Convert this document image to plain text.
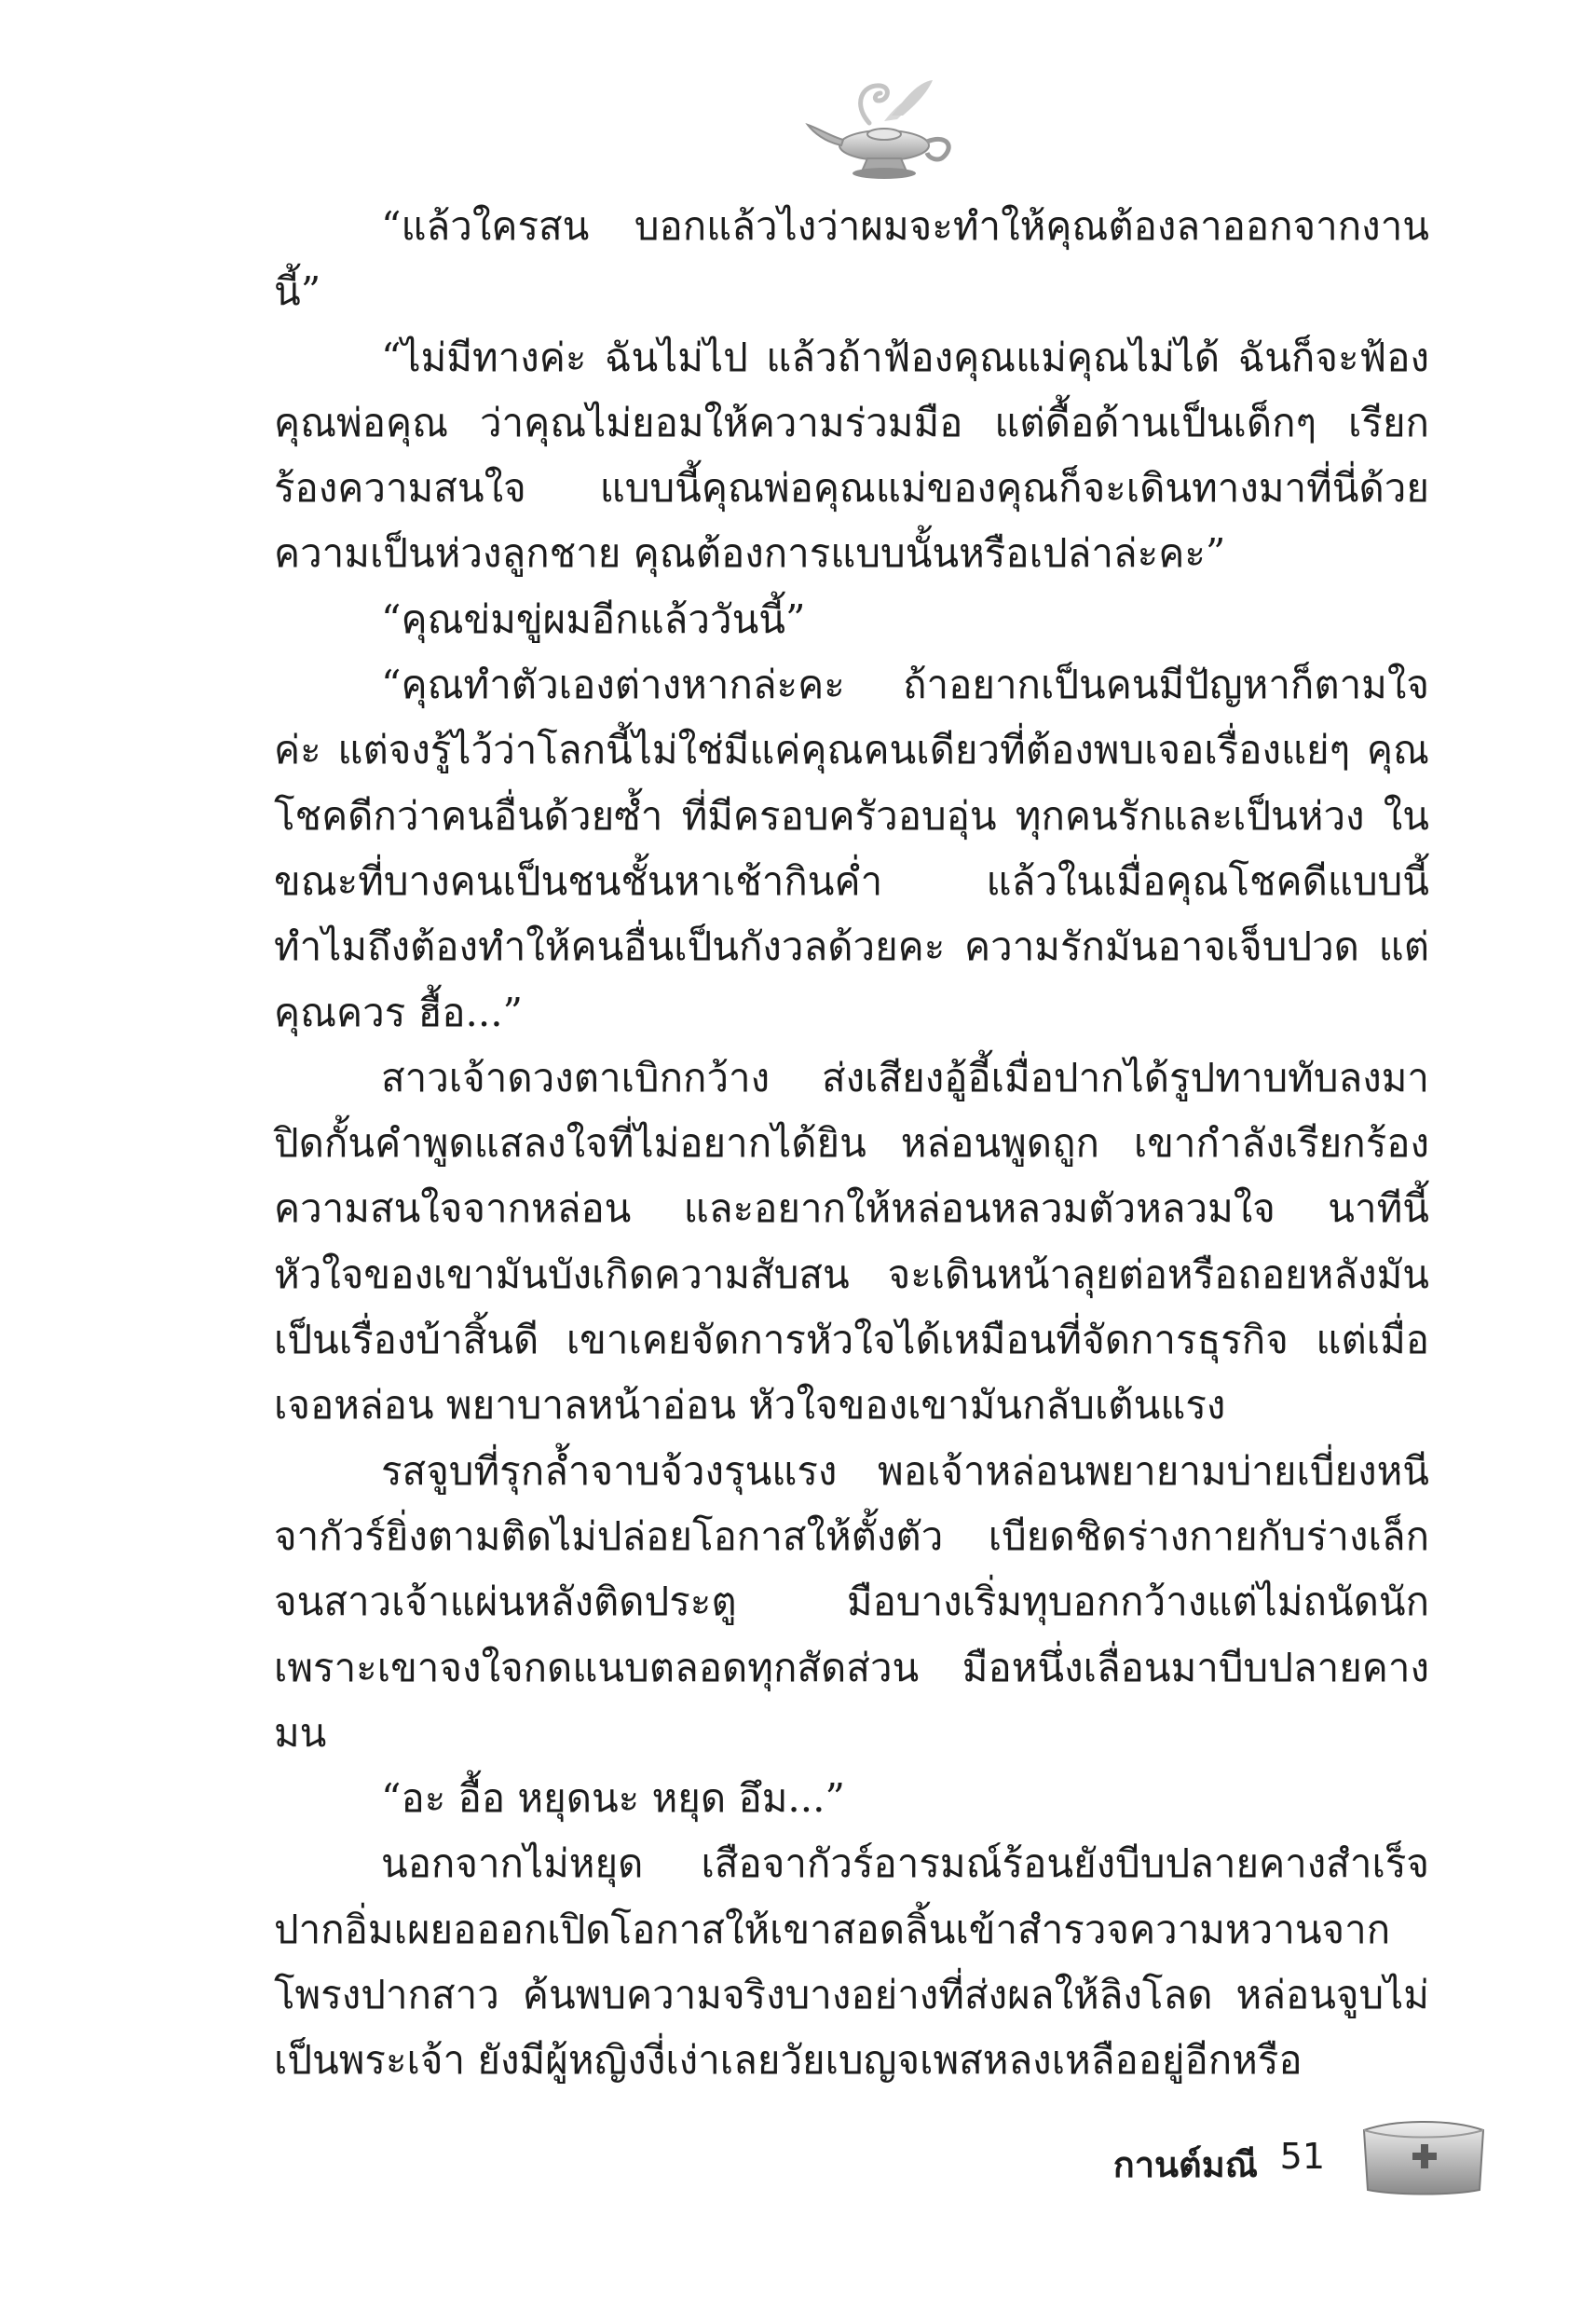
“แล้วใครสน บอกแล้วไงว่าผมจะทำให้คุณต้องลาออกจากงานนี้”

“ไม่มีทางค่ะ ฉันไม่ไป แล้วถ้าฟ้องคุณแม่คุณไม่ได้ ฉันก็จะฟ้องคุณพ่อคุณ ว่าคุณไม่ยอมให้ความร่วมมือ แต่ดื้อด้านเป็นเด็กๆ เรียกร้องความสนใจ แบบนี้คุณพ่อคุณแม่ของคุณก็จะเดินทางมาที่นี่ด้วยความเป็นห่วงลูกชาย คุณต้องการแบบนั้นหรือเปล่าล่ะคะ”

“คุณข่มขู่ผมอีกแล้ววันนี้”

“คุณทำตัวเองต่างหากล่ะคะ ถ้าอยากเป็นคนมีปัญหาก็ตามใจค่ะ แต่จงรู้ไว้ว่าโลกนี้ไม่ใช่มีแค่คุณคนเดียวที่ต้องพบเจอเรื่องแย่ๆ คุณโชคดีกว่าคนอื่นด้วยซ้ำ ที่มีครอบครัวอบอุ่น ทุกคนรักและเป็นห่วง ในขณะที่บางคนเป็นชนชั้นหาเช้ากินค่ำ แล้วในเมื่อคุณโชคดีแบบนี้ ทำไมถึงต้องทำให้คนอื่นเป็นกังวลด้วยคะ ความรักมันอาจเจ็บปวด แต่คุณควร ฮื้อ...”

สาวเจ้าดวงตาเบิกกว้าง ส่งเสียงอู้อี้เมื่อปากได้รูปทาบทับลงมาปิดกั้นคำพูดแสลงใจที่ไม่อยากได้ยิน หล่อนพูดถูก เขากำลังเรียกร้องความสนใจจากหล่อน และอยากให้หล่อนหลวมตัวหลวมใจ นาทีนี้หัวใจของเขามันบังเกิดความสับสน จะเดินหน้าลุยต่อหรือถอยหลังมันเป็นเรื่องบ้าสิ้นดี เขาเคยจัดการหัวใจได้เหมือนที่จัดการธุรกิจ แต่เมื่อเจอหล่อน พยาบาลหน้าอ่อน หัวใจของเขามันกลับเต้นแรง

รสจูบที่รุกล้ำจาบจ้วงรุนแรง พอเจ้าหล่อนพยายามบ่ายเบี่ยงหนีจากัวร์ยิ่งตามติดไม่ปล่อยโอกาสให้ตั้งตัว เบียดชิดร่างกายกับร่างเล็กจนสาวเจ้าแผ่นหลังติดประตู มือบางเริ่มทุบอกกว้างแต่ไม่ถนัดนักเพราะเขาจงใจกดแนบตลอดทุกสัดส่วน มือหนึ่งเลื่อนมาบีบปลายคางมน

“อะ อื้อ หยุดนะ หยุด อึม...”

นอกจากไม่หยุด เสือจากัวร์อารมณ์ร้อนยังบีบปลายคางสำเร็จปากอิ่มเผยอออกเปิดโอกาสให้เขาสอดลิ้นเข้าสำรวจความหวานจากโพรงปากสาว ค้นพบความจริงบางอย่างที่ส่งผลให้ลิงโลด หล่อนจูบไม่เป็นพระเจ้า ยังมีผู้หญิงงี่เง่าเลยวัยเบญจเพสหลงเหลืออยู่อีกหรือ

กานต์มณี 51
